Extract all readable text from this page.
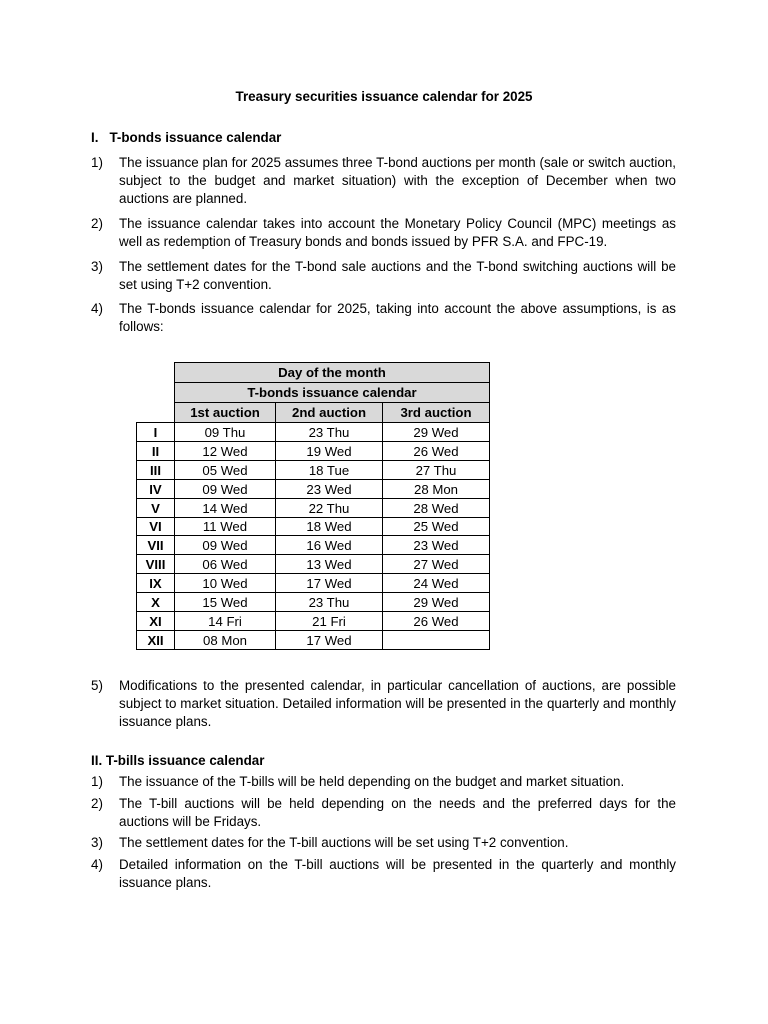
Treasury securities issuance calendar for 2025
I. T-bonds issuance calendar
1) The issuance plan for 2025 assumes three T-bond auctions per month (sale or switch auction, subject to the budget and market situation) with the exception of December when two auctions are planned.
2) The issuance calendar takes into account the Monetary Policy Council (MPC) meetings as well as redemption of Treasury bonds and bonds issued by PFR S.A. and FPC-19.
3) The settlement dates for the T-bond sale auctions and the T-bond switching auctions will be set using T+2 convention.
4) The T-bonds issuance calendar for 2025, taking into account the above assumptions, is as follows:
Day of the month
T-bonds issuance calendar
1st auction	2nd auction	3rd auction
I	09 Thu	23 Thu	29 Wed
II	12 Wed	19 Wed	26 Wed
III	05 Wed	18 Tue	27 Thu
IV	09 Wed	23 Wed	28 Mon
V	14 Wed	22 Thu	28 Wed
VI	11 Wed	18 Wed	25 Wed
VII	09 Wed	16 Wed	23 Wed
VIII	06 Wed	13 Wed	27 Wed
IX	10 Wed	17 Wed	24 Wed
X	15 Wed	23 Thu	29 Wed
XI	14 Fri	21 Fri	26 Wed
XII	08 Mon	17 Wed
5) Modifications to the presented calendar, in particular cancellation of auctions, are possible subject to market situation. Detailed information will be presented in the quarterly and monthly issuance plans.
II. T-bills issuance calendar
1) The issuance of the T-bills will be held depending on the budget and market situation.
2) The T-bill auctions will be held depending on the needs and the preferred days for the auctions will be Fridays.
3) The settlement dates for the T-bill auctions will be set using T+2 convention.
4) Detailed information on the T-bill auctions will be presented in the quarterly and monthly issuance plans.
